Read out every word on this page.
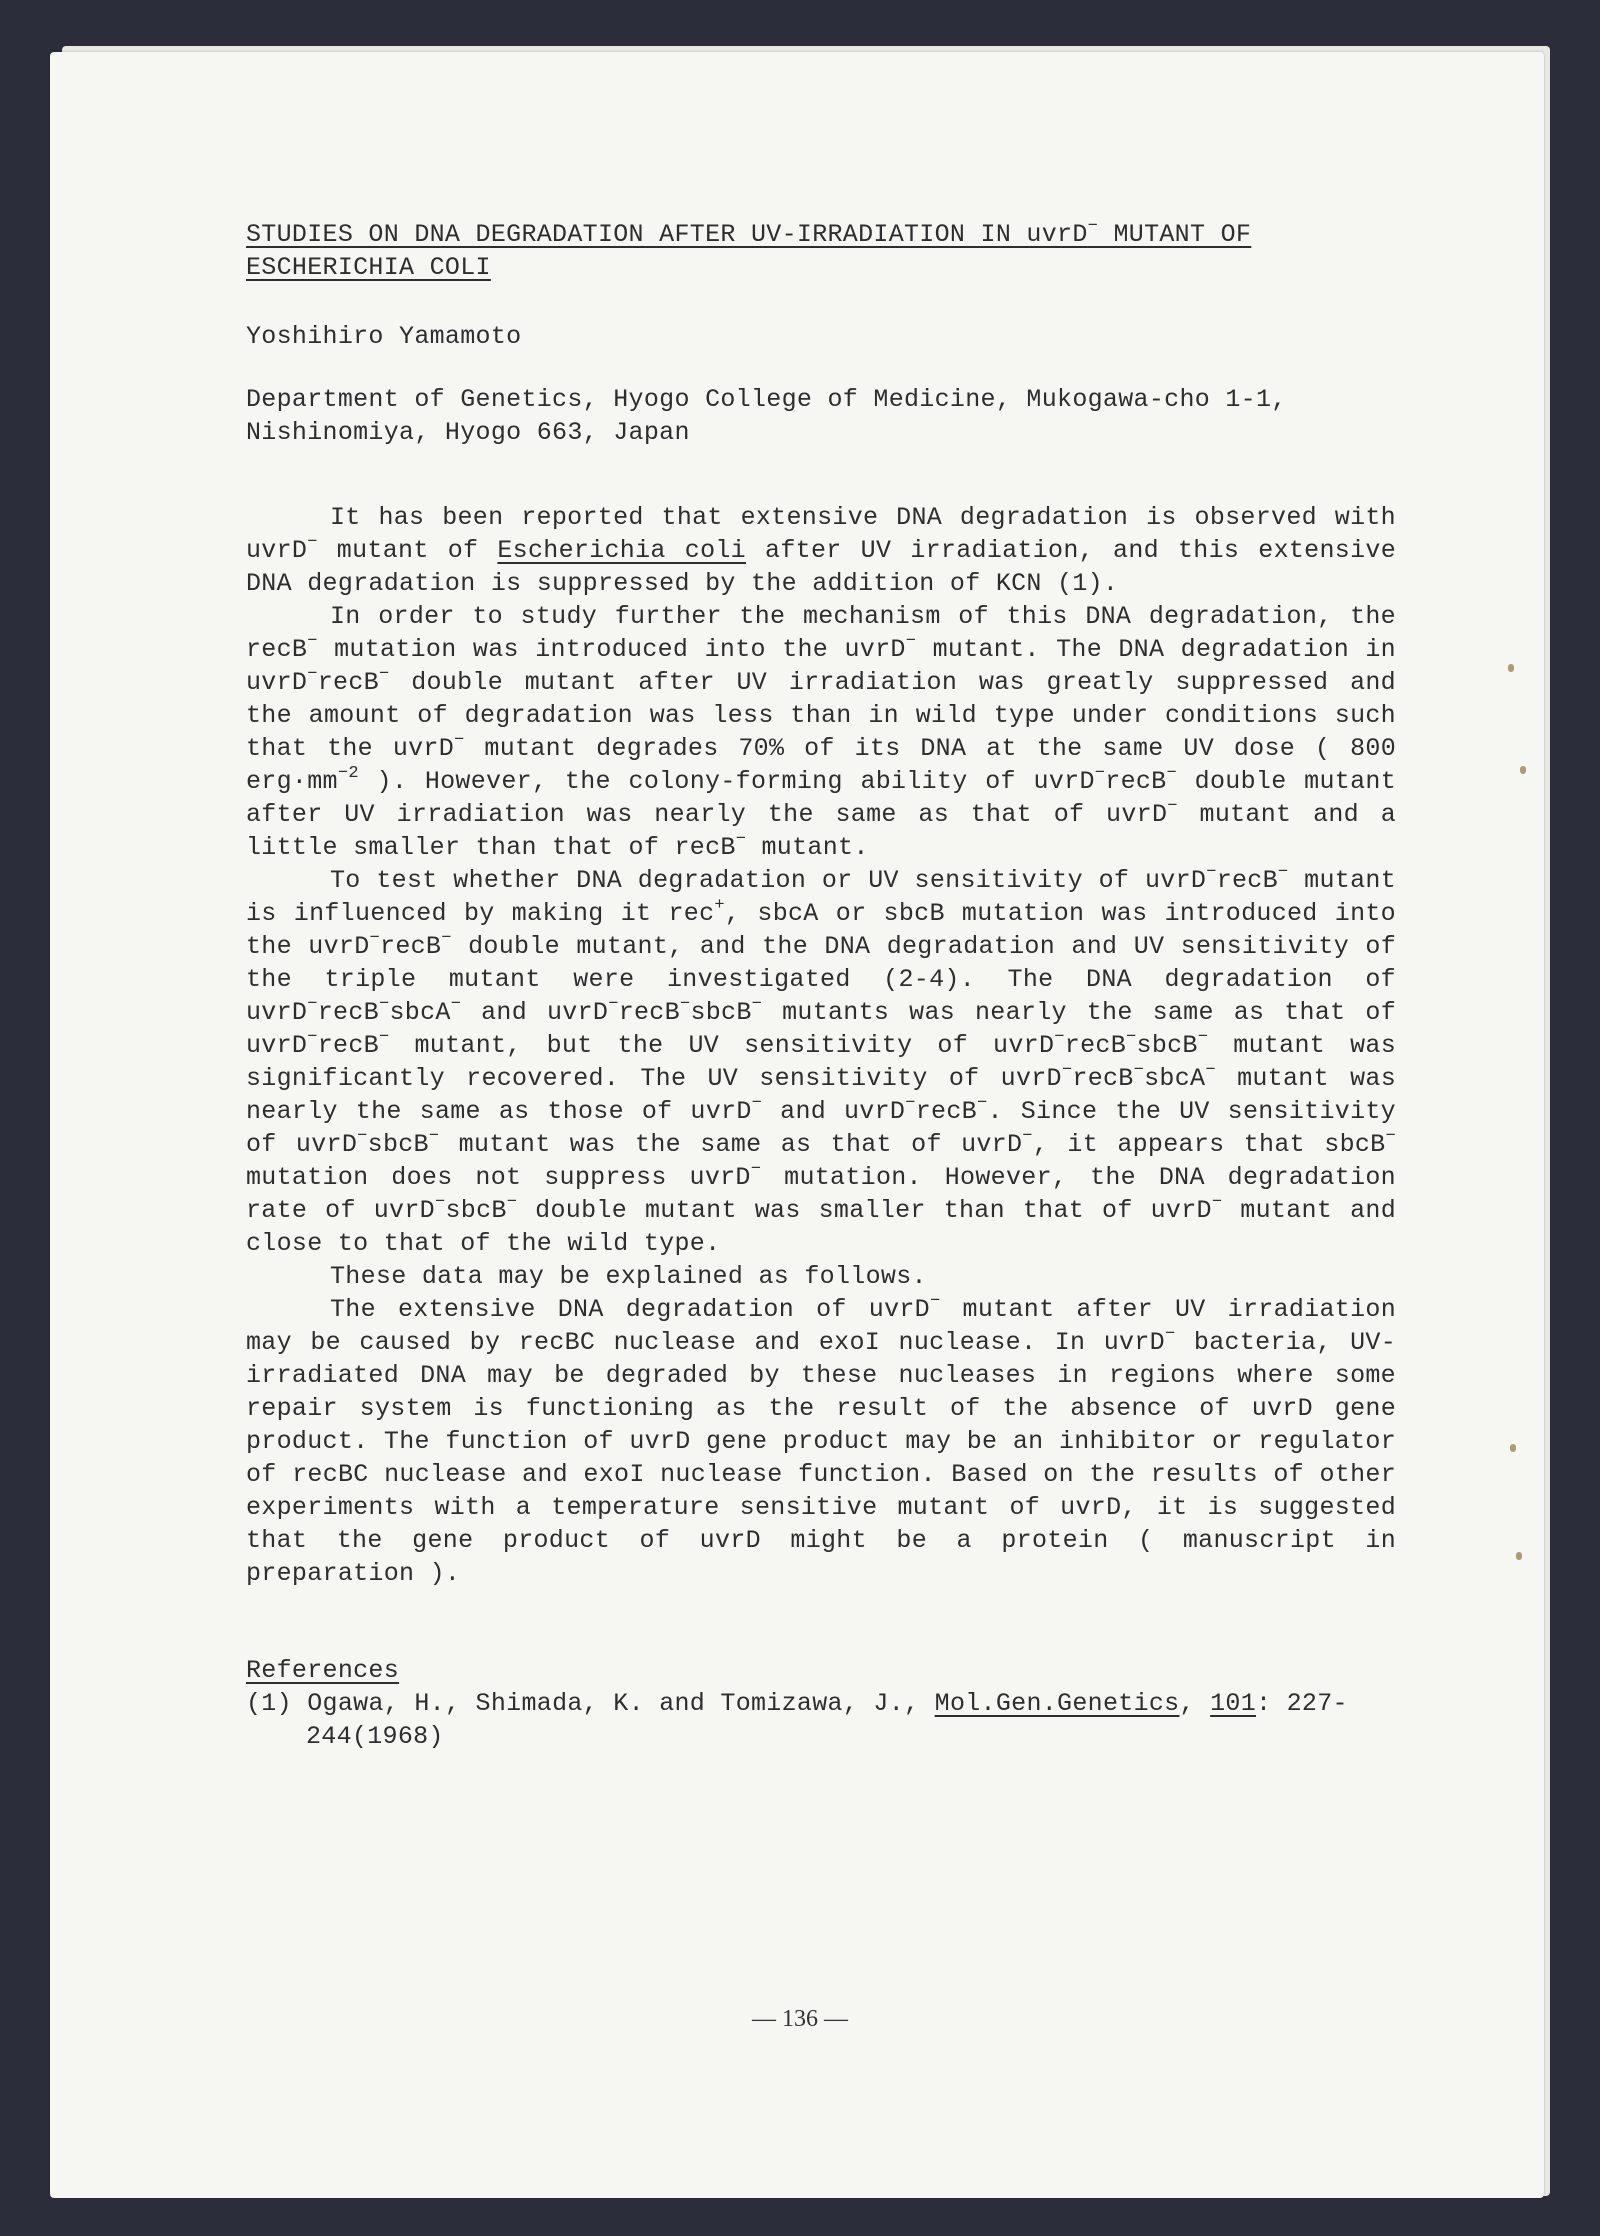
STUDIES ON DNA DEGRADATION AFTER UV-IRRADIATION IN uvrD− MUTANT OF
ESCHERICHIA COLI
Yoshihiro Yamamoto
Department of Genetics, Hyogo College of Medicine, Mukogawa-cho 1-1,
Nishinomiya, Hyogo 663, Japan

It has been reported that extensive DNA degradation is observed with uvrD− mutant of Escherichia coli after UV irradiation, and this extensive DNA degradation is suppressed by the addition of KCN (1).

In order to study further the mechanism of this DNA degradation, the recB− mutation was introduced into the uvrD− mutant. The DNA degradation in uvrD−recB− double mutant after UV irradiation was greatly suppressed and the amount of degradation was less than in wild type under conditions such that the uvrD− mutant degrades 70% of its DNA at the same UV dose ( 800 $erg\cdot mm^{-2}$ ). However, the colony-forming ability of uvrD−recB− double mutant after UV irradiation was nearly the same as that of uvrD− mutant and a little smaller than that of recB− mutant.

To test whether DNA degradation or UV sensitivity of uvrD−recB− mutant is influenced by making it rec+, sbcA or sbcB mutation was introduced into the uvrD−recB− double mutant, and the DNA degradation and UV sensitivity of the triple mutant were investigated (2-4). The DNA degradation of uvrD−recB−sbcA− and uvrD−recB−sbcB− mutants was nearly the same as that of uvrD−recB− mutant, but the UV sensitivity of uvrD−recB−sbcB− mutant was significantly recovered. The UV sensitivity of uvrD−recB−sbcA− mutant was nearly the same as those of uvrD− and uvrD−recB−. Since the UV sensitivity of uvrD−sbcB− mutant was the same as that of uvrD−, it appears that sbcB− mutation does not suppress uvrD− mutation. However, the DNA degradation rate of uvrD−sbcB− double mutant was smaller than that of uvrD− mutant and close to that of the wild type.

These data may be explained as follows.

The extensive DNA degradation of uvrD− mutant after UV irradiation may be caused by recBC nuclease and exoI nuclease. In uvrD− bacteria, UV-irradiated DNA may be degraded by these nucleases in regions where some repair system is functioning as the result of the absence of uvrD gene product. The function of uvrD gene product may be an inhibitor or regulator of recBC nuclease and exoI nuclease function. Based on the results of other experiments with a temperature sensitive mutant of uvrD, it is suggested that the gene product of uvrD might be a protein ( manuscript in preparation ).

References

(1) Ogawa, H., Shimada, K. and Tomizawa, J., Mol.Gen.Genetics, 101: 227-244(1968)

— 136 —
